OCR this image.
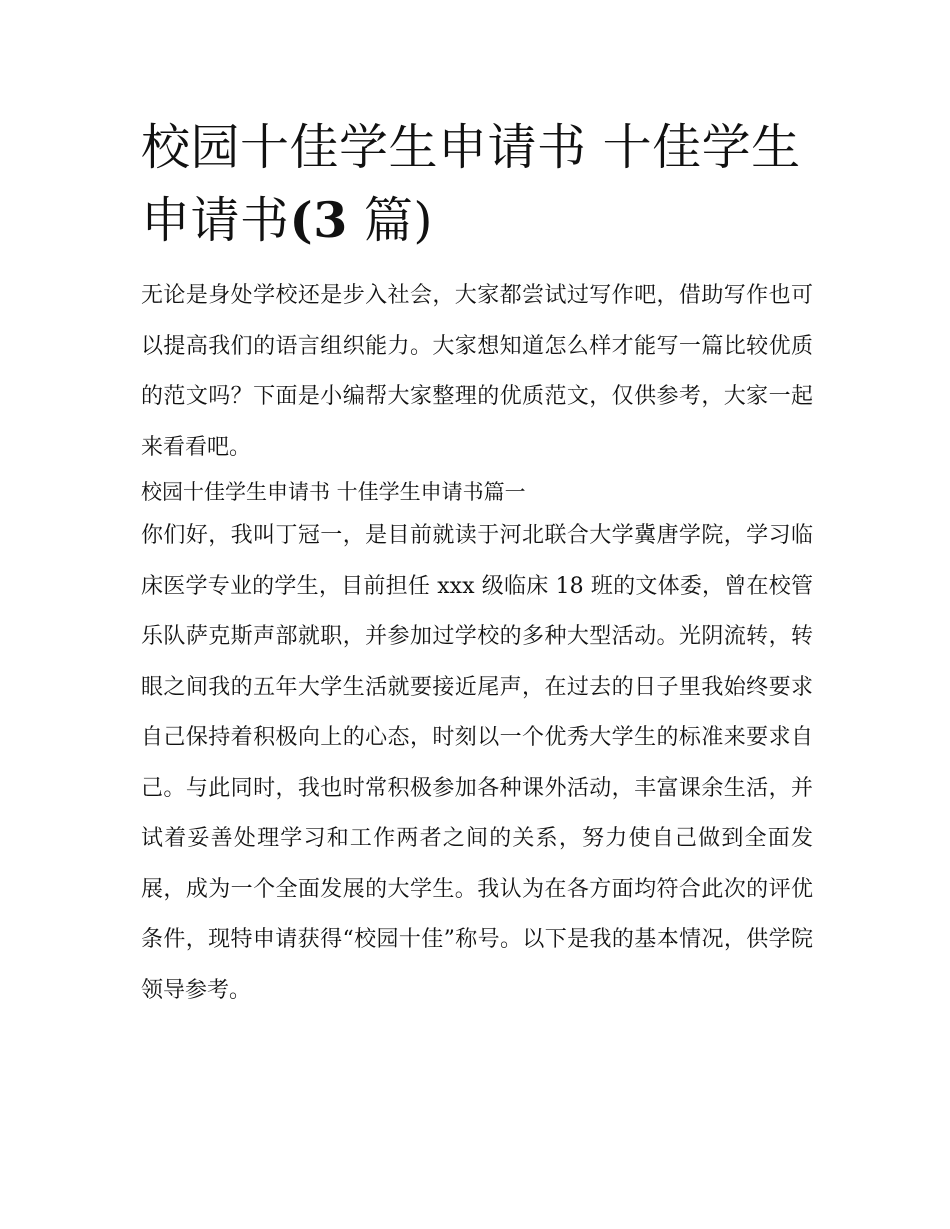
校园十佳学生申请书 十佳学生申请书(3 篇)

无论是身处学校还是步入社会，大家都尝试过写作吧，借助写作也可以提高我们的语言组织能力。大家想知道怎么样才能写一篇比较优质的范文吗？下面是小编帮大家整理的优质范文，仅供参考，大家一起来看看吧。

校园十佳学生申请书 十佳学生申请书篇一

你们好，我叫丁冠一，是目前就读于河北联合大学冀唐学院，学习临床医学专业的学生，目前担任 xxx 级临床 18 班的文体委，曾在校管乐队萨克斯声部就职，并参加过学校的多种大型活动。光阴流转，转眼之间我的五年大学生活就要接近尾声，在过去的日子里我始终要求自己保持着积极向上的心态，时刻以一个优秀大学生的标准来要求自己。与此同时，我也时常积极参加各种课外活动，丰富课余生活，并试着妥善处理学习和工作两者之间的关系，努力使自己做到全面发展，成为一个全面发展的大学生。我认为在各方面均符合此次的评优条件，现特申请获得“校园十佳”称号。以下是我的基本情况，供学院领导参考。
